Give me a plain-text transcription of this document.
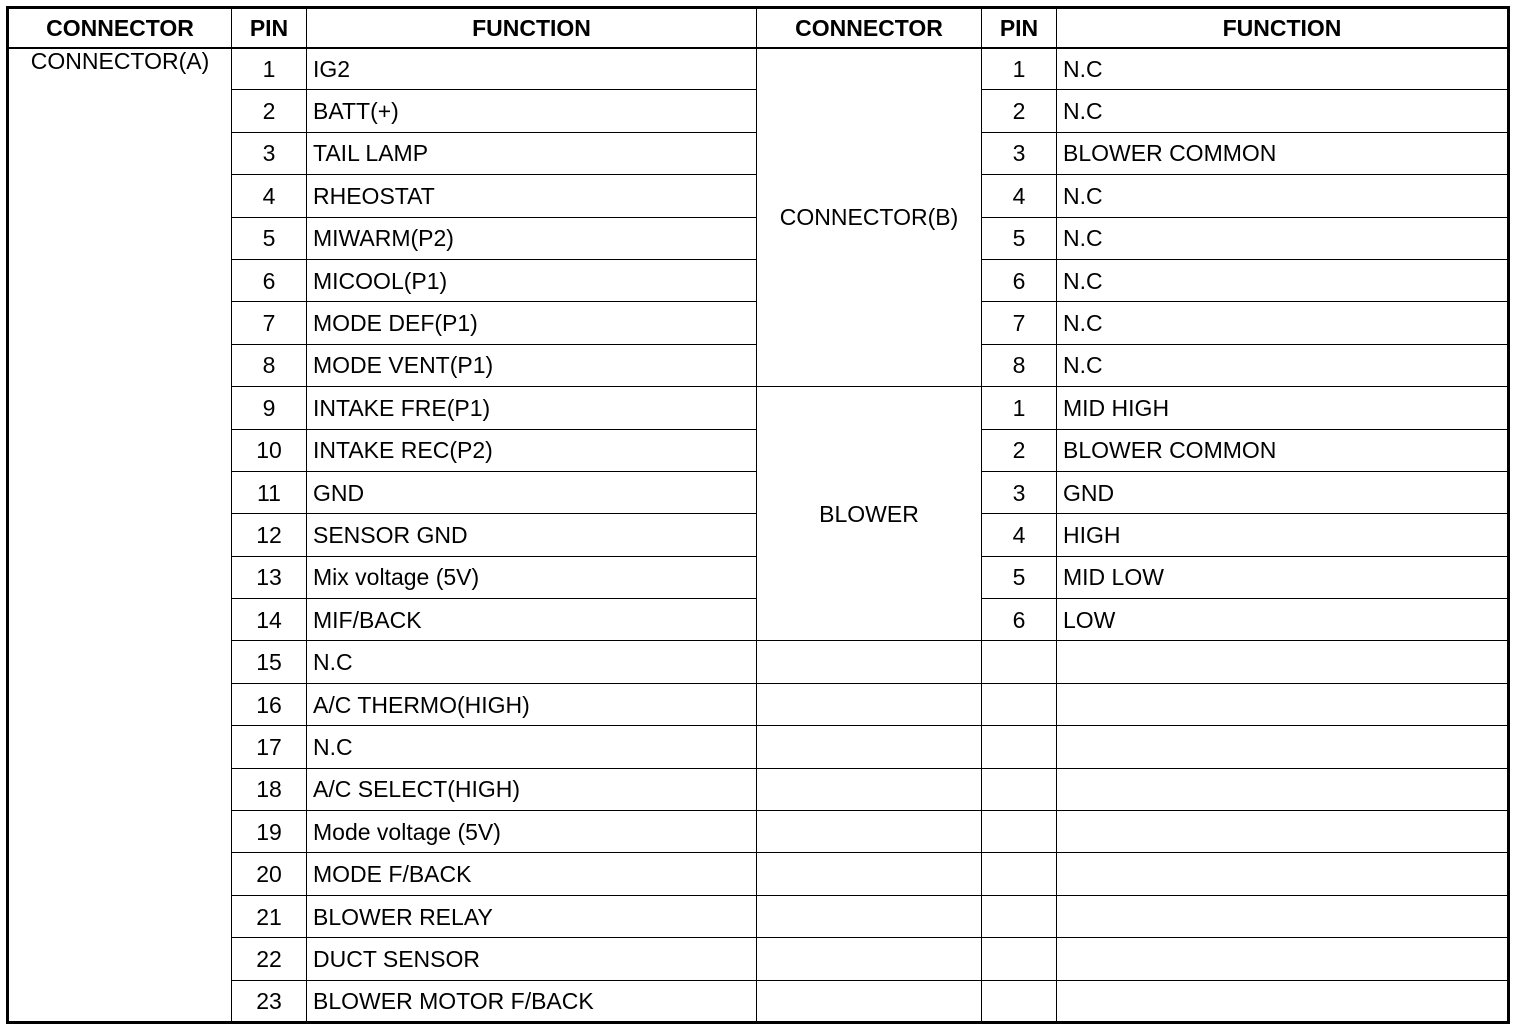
CONNECTOR	PIN	FUNCTION	CONNECTOR	PIN	FUNCTION
CONNECTOR(A)	1	IG2	CONNECTOR(B)	1	N.C
	2	BATT(+)		2	N.C
	3	TAIL LAMP		3	BLOWER COMMON
	4	RHEOSTAT		4	N.C
	5	MIWARM(P2)		5	N.C
	6	MICOOL(P1)		6	N.C
	7	MODE DEF(P1)		7	N.C
	8	MODE VENT(P1)		8	N.C
	9	INTAKE FRE(P1)	BLOWER	1	MID HIGH
	10	INTAKE REC(P2)		2	BLOWER COMMON
	11	GND		3	GND
	12	SENSOR GND		4	HIGH
	13	Mix voltage (5V)		5	MID LOW
	14	MIF/BACK		6	LOW
	15	N.C			
	16	A/C THERMO(HIGH)			
	17	N.C			
	18	A/C SELECT(HIGH)			
	19	Mode voltage (5V)			
	20	MODE F/BACK			
	21	BLOWER RELAY			
	22	DUCT SENSOR			
	23	BLOWER MOTOR F/BACK			
